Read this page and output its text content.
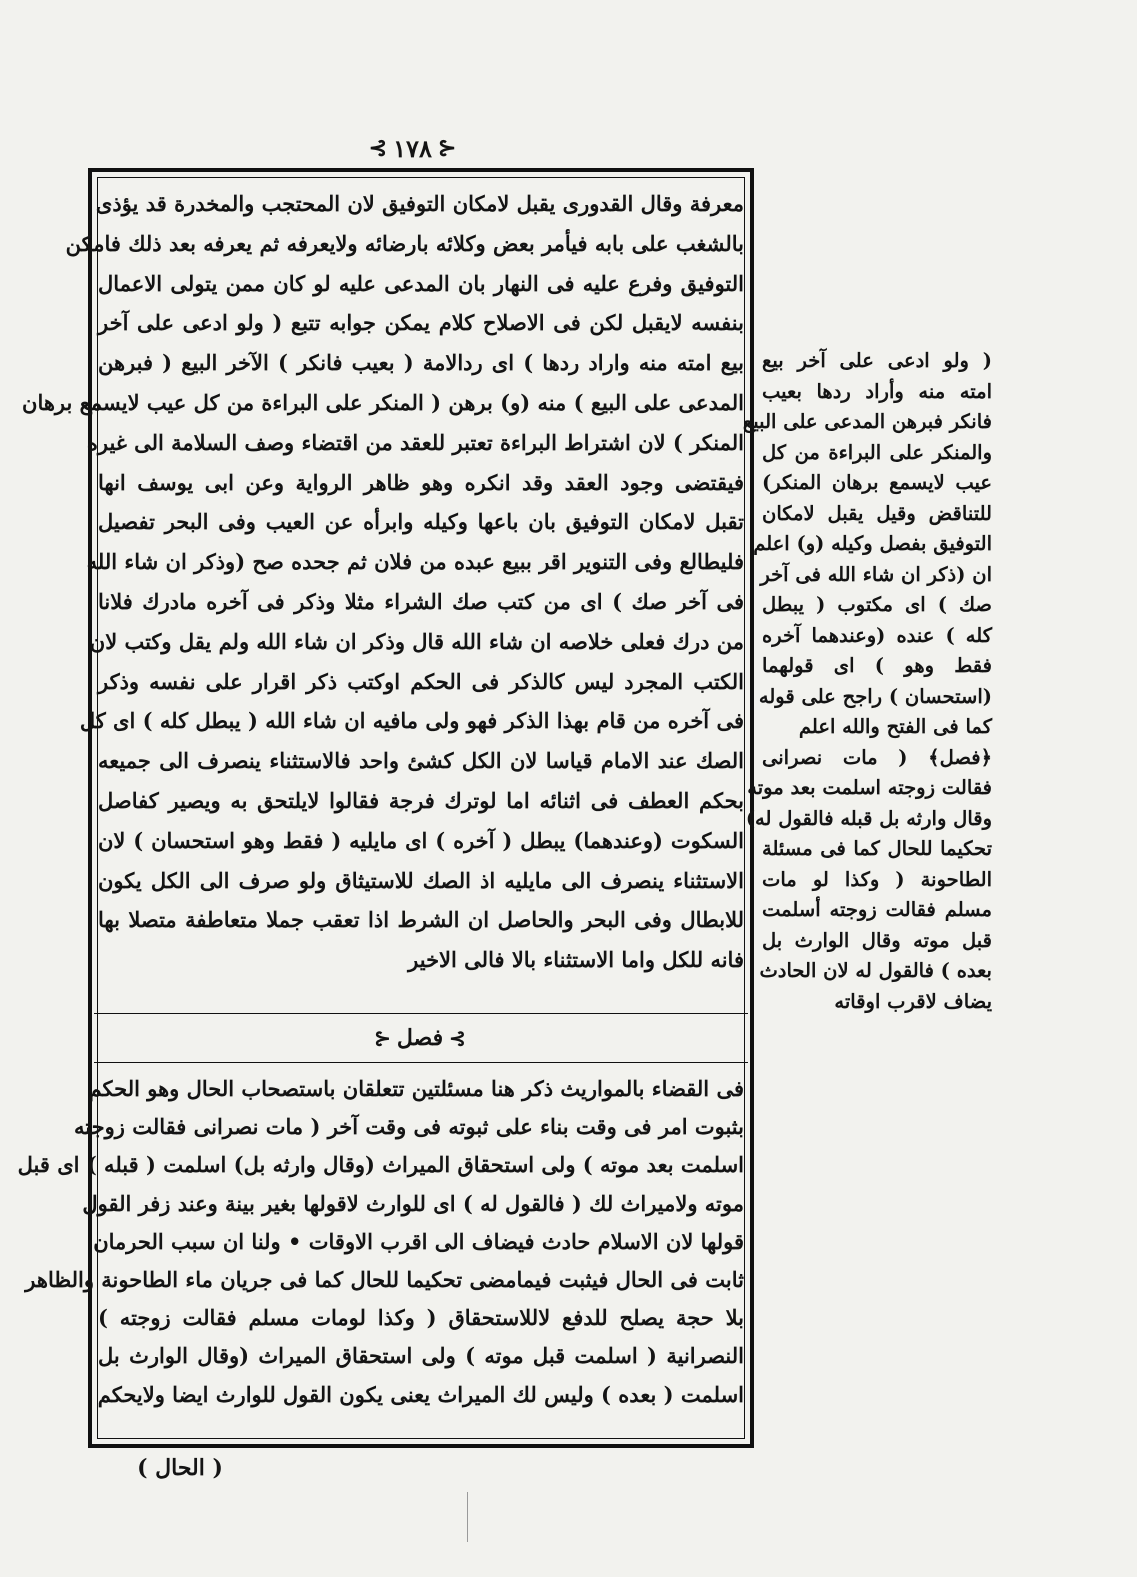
⊰ ١٧٨ ⊱
معرفة وقال القدورى يقبل لامكان التوفيق لان المحتجب والمخدرة قد يؤذى
بالشغب على بابه فيأمر بعض وكلائه بارضائه ولايعرفه ثم يعرفه بعد ذلك فامكن
التوفيق وفرع عليه فى النهار بان المدعى عليه لو كان ممن يتولى الاعمال
بنفسه لايقبل لكن فى الاصلاح كلام يمكن جوابه تتبع ( ولو ادعى على آخر
بيع امته منه واراد ردها ) اى ردالامة ( بعيب فانكر ) الآخر البيع ( فبرهن
المدعى على البيع ) منه (و) برهن ( المنكر على البراءة من كل عيب لايسمع برهان
المنكر ) لان اشتراط البراءة تعتبر للعقد من اقتضاء وصف السلامة الى غيره
فيقتضى وجود العقد وقد انكره وهو ظاهر الرواية وعن ابى يوسف انها
تقبل لامكان التوفيق بان باعها وكيله وابرأه عن العيب وفى البحر تفصيل
فليطالع وفى التنوير اقر ببيع عبده من فلان ثم جحده صح (وذكر ان شاء الله
فى آخر صك ) اى من كتب صك الشراء مثلا وذكر فى آخره مادرك فلانا
من درك فعلى خلاصه ان شاء الله قال وذكر ان شاء الله ولم يقل وكتب لان
الكتب المجرد ليس كالذكر فى الحكم اوكتب ذكر اقرار على نفسه وذكر
فى آخره من قام بهذا الذكر فهو ولى مافيه ان شاء الله ( يبطل كله ) اى كل
الصك عند الامام قياسا لان الكل كشئ واحد فالاستثناء ينصرف الى جميعه
بحكم العطف فى اثنائه اما لوترك فرجة فقالوا لايلتحق به ويصير كفاصل
السكوت (وعندهما) يبطل ( آخره ) اى مايليه ( فقط وهو استحسان ) لان
الاستثناء ينصرف الى مايليه اذ الصك للاستيثاق ولو صرف الى الكل يكون
للابطال وفى البحر والحاصل ان الشرط اذا تعقب جملا متعاطفة متصلا بها
فانه للكل واما الاستثناء بالا فالى الاخير
⊱
فصل
⊰
فى القضاء بالمواريث ذكر هنا مسئلتين تتعلقان باستصحاب الحال وهو الحكم
بثبوت امر فى وقت بناء على ثبوته فى وقت آخر ( مات نصرانى فقالت زوجته
اسلمت بعد موته ) ولى استحقاق الميراث (وقال وارثه بل) اسلمت ( قبله ) اى قبل
موته ولاميراث لك ( فالقول له ) اى للوارث لاقولها بغير بينة وعند زفر القول
قولها لان الاسلام حادث فيضاف الى اقرب الاوقات • ولنا ان سبب الحرمان
ثابت فى الحال فيثبت فيمامضى تحكيما للحال كما فى جريان ماء الطاحونة والظاهر
بلا حجة يصلح للدفع لاللاستحقاق ( وكذا لومات مسلم فقالت زوجته )
النصرانية ( اسلمت قبل موته ) ولى استحقاق الميراث (وقال الوارث بل
اسلمت ( بعده ) وليس لك الميراث يعنى يكون القول للوارث ايضا ولايحكم
( ولو ادعى على آخر بيع
امته منه وأراد ردها بعيب
فانكر فبرهن المدعى على البيع
والمنكر على البراءة من كل
عيب لايسمع برهان المنكر)
للتناقض وقيل يقبل لامكان
التوفيق بفصل وكيله (و) اعلم
ان (ذكر ان شاء الله فى آخر
صك ) اى مكتوب ( يبطل
كله ) عنده (وعندهما آخره
فقط وهو ) اى قولهما
(استحسان ) راجح على قوله
كما فى الفتح والله اعلم
﴿فصل﴾ ( مات نصرانى
فقالت زوجته اسلمت بعد موته
وقال وارثه بل قبله فالقول له)
تحكيما للحال كما فى مسئلة
الطاحونة ( وكذا لو مات
مسلم فقالت زوجته أسلمت
قبل موته وقال الوارث بل
بعده ) فالقول له لان الحادث
يضاف لاقرب اوقاته
( الحال )
